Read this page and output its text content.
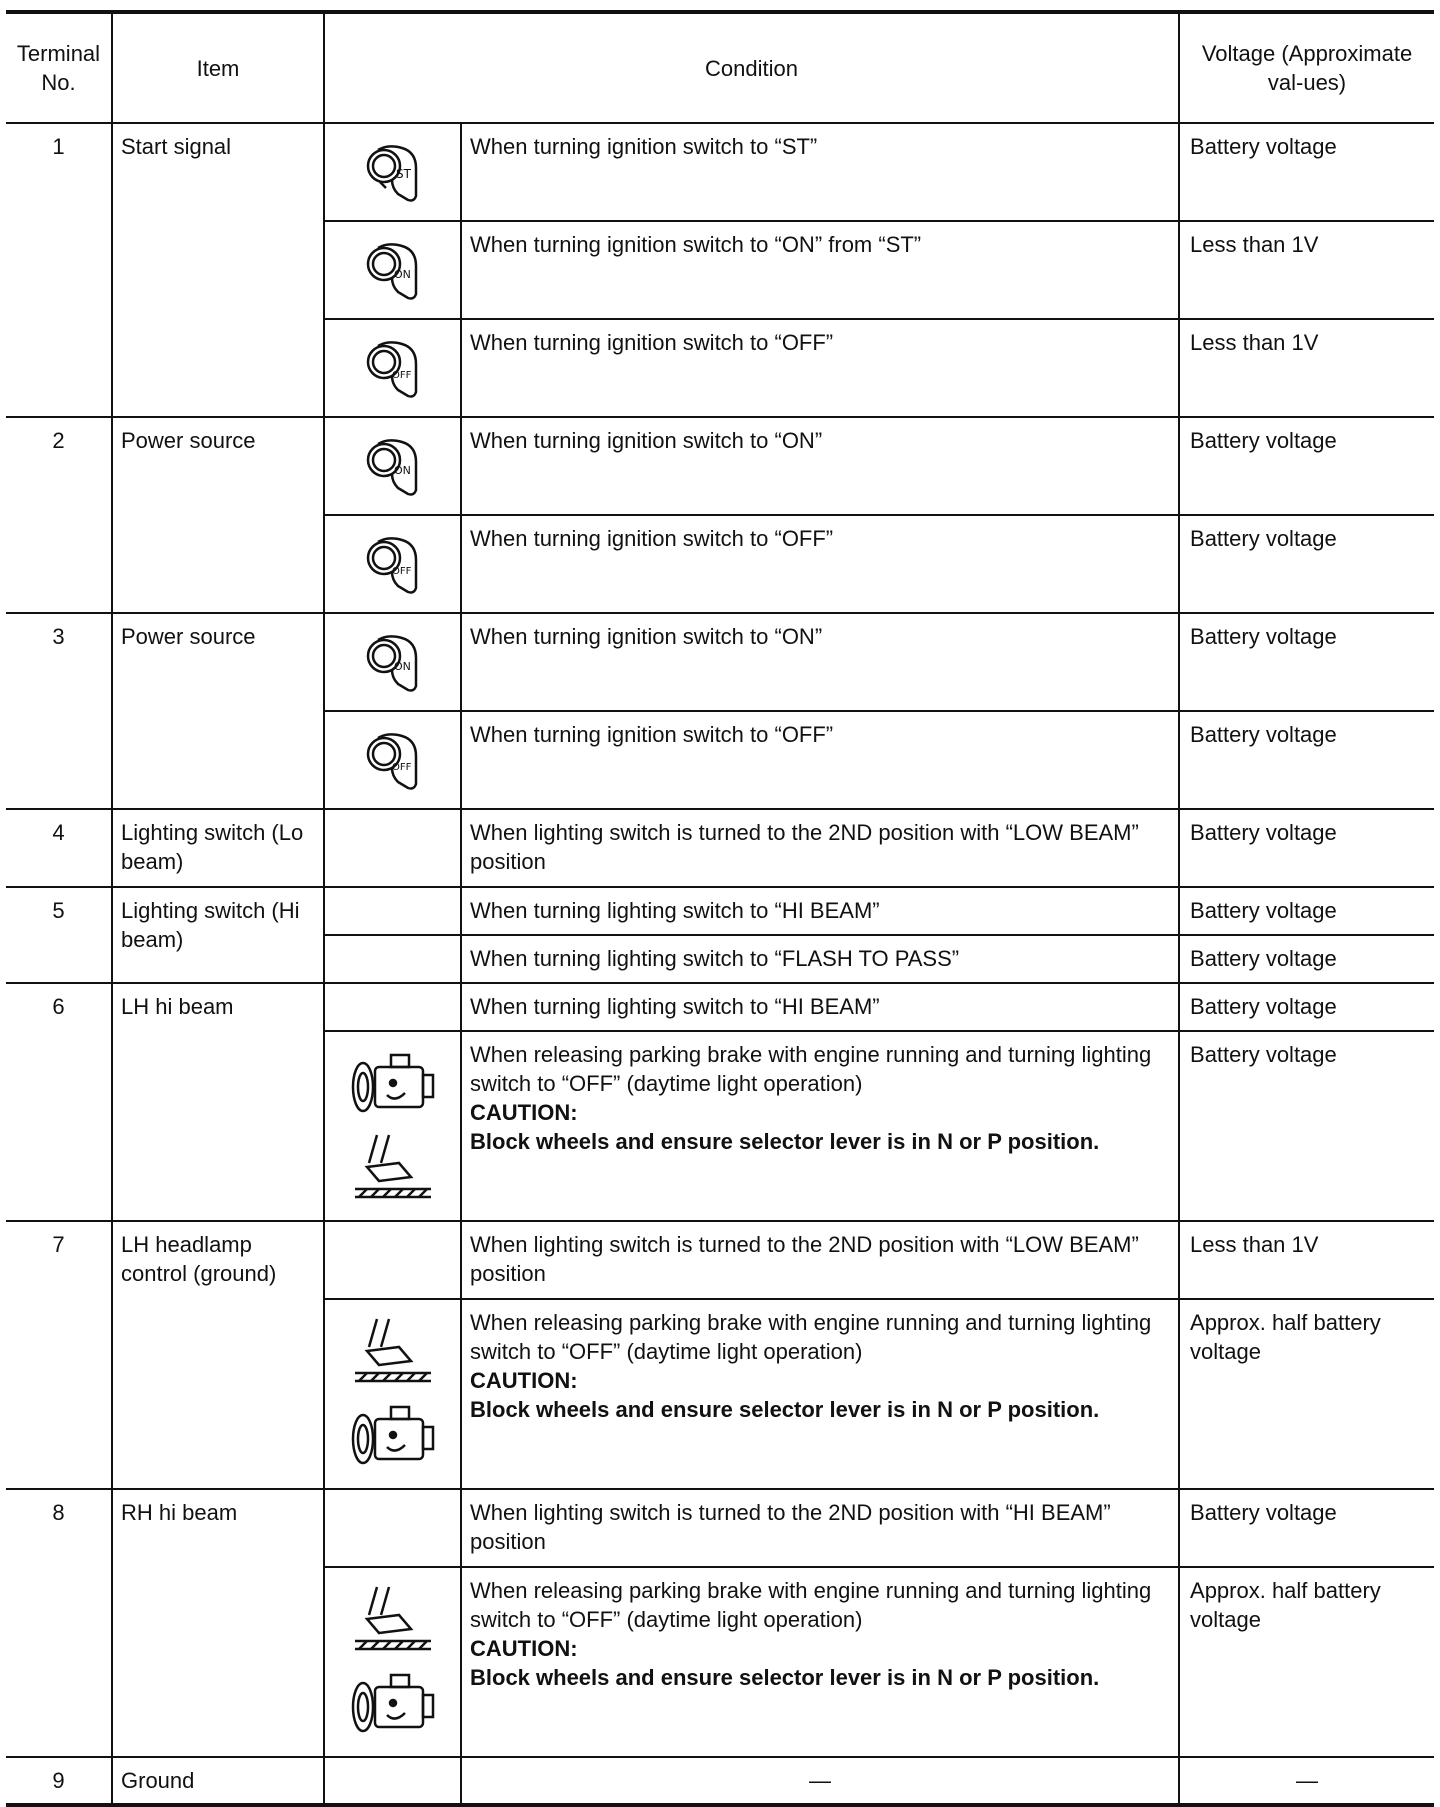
Terminal No.	Item	Condition		Voltage (Approximate val-ues)
1	Start signal	ST	When turning ignition switch to “ST”	Battery voltage

ON	When turning ignition switch to “ON” from “ST”	Less than 1V

OFF	When turning ignition switch to “OFF”	Less than 1V
2	Power source	ON	When turning ignition switch to “ON”	Battery voltage

OFF	When turning ignition switch to “OFF”	Battery voltage
3	Power source	ON	When turning ignition switch to “ON”	Battery voltage

OFF	When turning ignition switch to “OFF”	Battery voltage
4	Lighting switch (Lo beam)		When lighting switch is turned to the 2ND position with “LOW BEAM” position	Battery voltage
5	Lighting switch (Hi beam)		When turning lighting switch to “HI BEAM”	Battery voltage
			When turning lighting switch to “FLASH TO PASS”	Battery voltage
6	LH hi beam		When turning lighting switch to “HI BEAM”	Battery voltage

	When releasing parking brake with engine running and turning lighting switch to “OFF” (daytime light operation)
CAUTION:
Block wheels and ensure selector lever is in N or P position.	Battery voltage
7	LH headlamp control (ground)		When lighting switch is turned to the 2ND position with “LOW BEAM” position	Less than 1V

	When releasing parking brake with engine running and turning lighting switch to “OFF” (daytime light operation)
CAUTION:
Block wheels and ensure selector lever is in N or P position.	Approx. half battery voltage
8	RH hi beam		When lighting switch is turned to the 2ND position with “HI BEAM” position	Battery voltage

	When releasing parking brake with engine running and turning lighting switch to “OFF” (daytime light operation)
CAUTION:
Block wheels and ensure selector lever is in N or P position.	Approx. half battery voltage
9	Ground		—	—
